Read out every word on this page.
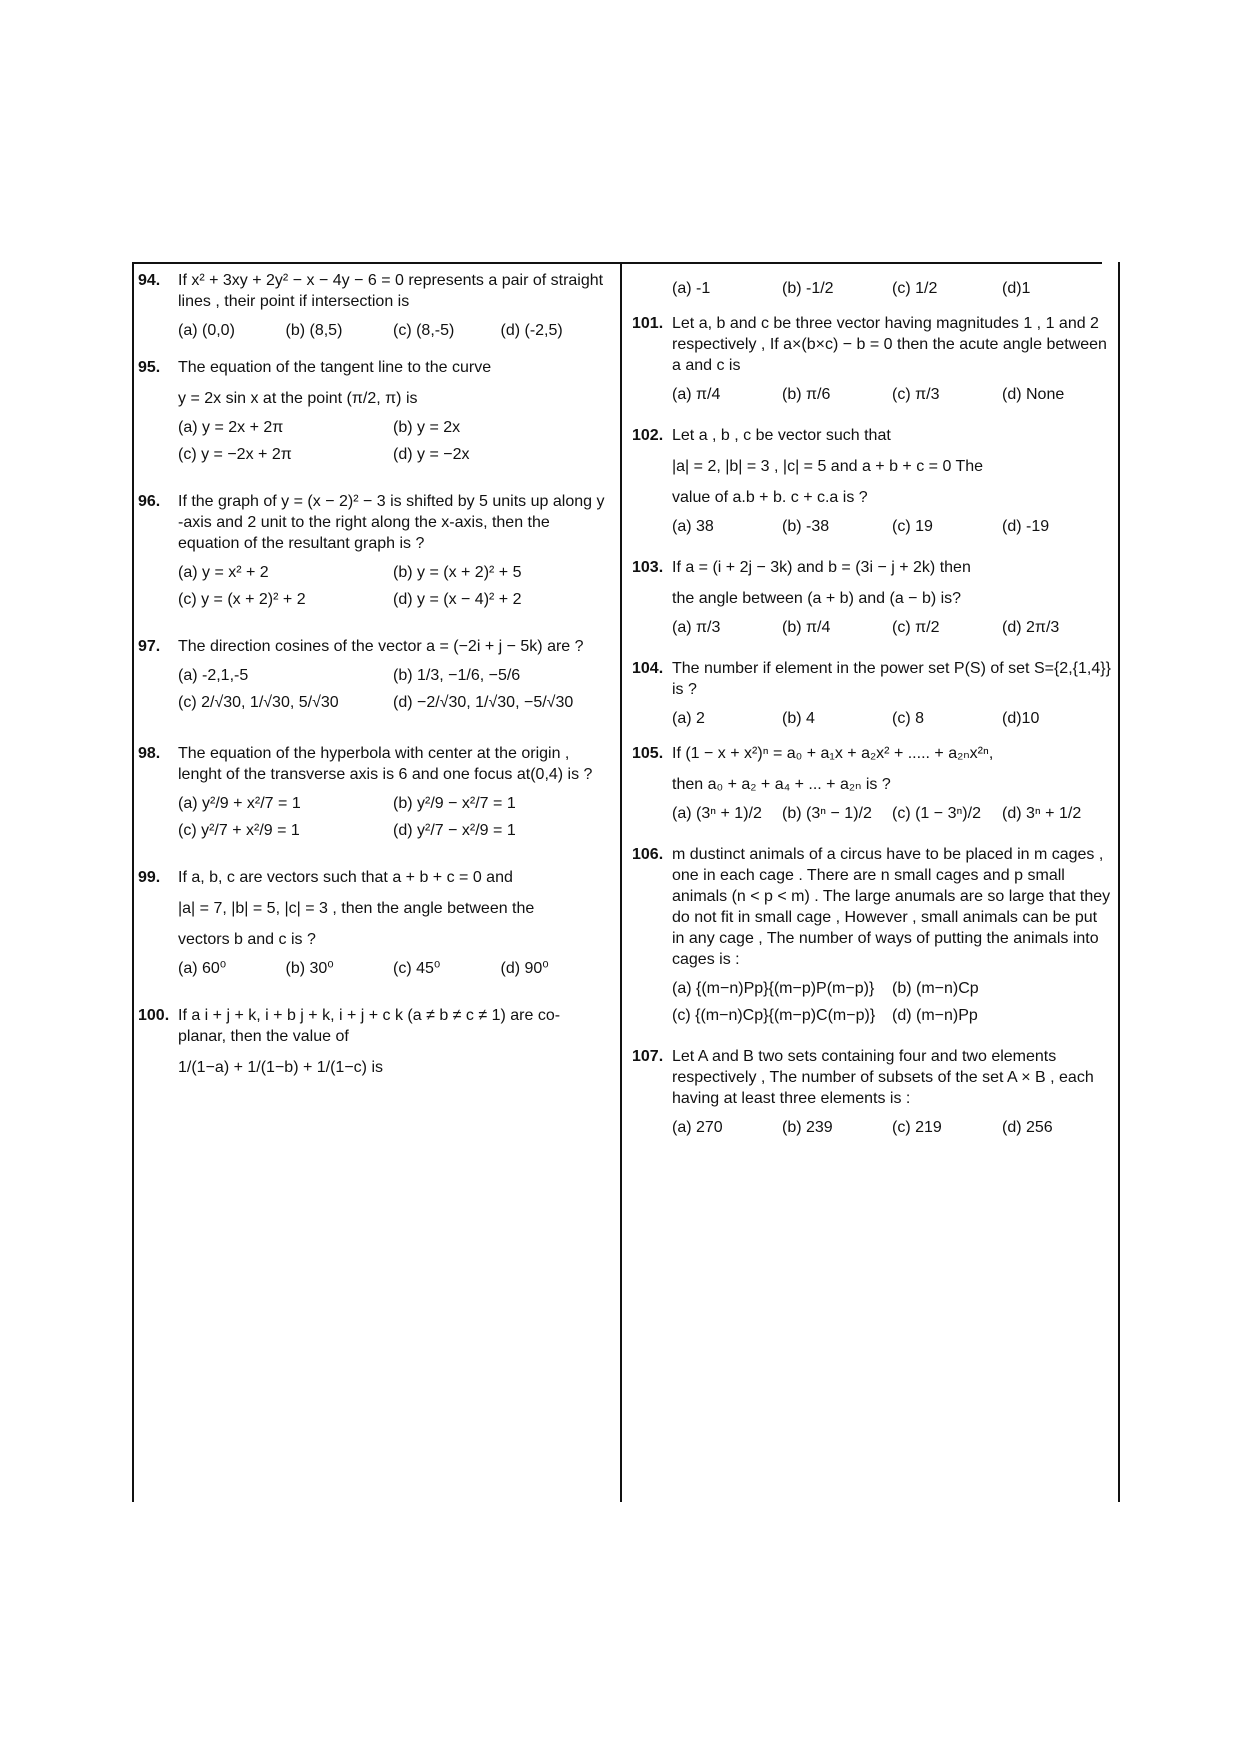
94. If x² + 3xy + 2y² − x − 4y − 6 = 0 represents a pair of straight lines , their point if intersection is
(a) (0,0)	(b) (8,5)	(c) (8,-5)	(d) (-2,5)
95. The equation of the tangent line to the curve
y = 2x sin x at the point (π/2, π) is
(a) y = 2x + 2π	(b) y = 2x
(c) y = −2x + 2π	(d) y = −2x
96. If the graph of y = (x − 2)² − 3 is shifted by 5 units up along y -axis and 2 unit to the right along the x-axis, then the equation of the resultant graph is ?
(a) y = x² + 2	(b) y = (x + 2)² + 5
(c) y = (x + 2)² + 2	(d) y = (x − 4)² + 2
97. The direction cosines of the vector a = (−2i + j − 5k) are ?
(a) -2,1,-5	(b) 1/3, −1/6, −5/6
(c) 2/√30, 1/√30, 5/√30	(d) −2/√30, 1/√30, −5/√30
98. The equation of the hyperbola with center at the origin , lenght of the transverse axis is 6 and one focus at(0,4) is ?
(a) y²/9 + x²/7 = 1	(b) y²/9 − x²/7 = 1
(c) y²/7 + x²/9 = 1	(d) y²/7 − x²/9 = 1
99. If a, b, c are vectors such that a + b + c = 0 and
|a| = 7, |b| = 5, |c| = 3 , then the angle between the
vectors b and c is ?
(a) 60⁰	(b) 30⁰	(c) 45⁰	(d) 90⁰
100. If a i + j + k, i + b j + k, i + j + c k (a ≠ b ≠ c ≠ 1) are co- planar, then the value of
1/(1−a) + 1/(1−b) + 1/(1−c) is
(a) -1	(b) -1/2	(c) 1/2	(d)1
101. Let a, b and c be three vector having magnitudes 1 , 1 and 2 respectively , If a×(b×c) − b = 0 then the acute angle between a and c is
(a) π/4	(b) π/6	(c) π/3	(d) None
102. Let a , b , c be vector such that
|a| = 2, |b| = 3 , |c| = 5 and a + b + c = 0 The
value of a.b + b. c + c.a is ?
(a) 38	(b) -38	(c) 19	(d) -19
103. If a = (i + 2j − 3k) and b = (3i − j + 2k) then
the angle between (a + b) and (a − b) is?
(a) π/3	(b) π/4	(c) π/2	(d) 2π/3
104. The number if element in the power set P(S) of set S={2,{1,4}} is ?
(a) 2	(b) 4	(c) 8	(d)10
105. If (1 − x + x²)ⁿ = a₀ + a₁x + a₂x² + ..... + a₂ₙx²ⁿ,
then a₀ + a₂ + a₄ + ... + a₂ₙ is ?
(a) (3ⁿ + 1)/2	(b) (3ⁿ − 1)/2	(c) (1 − 3ⁿ)/2	(d) 3ⁿ + 1/2
106. m dustinct animals of a circus have to be placed in m cages , one in each cage . There are n small cages and p small animals (n < p < m) . The large anumals are so large that they do not fit in small cage , However , small animals can be put in any cage , The number of ways of putting the animals into cages is :
(a) {(m−n)Pp}{(m−p)P(m−p)}	(b) (m−n)Cp
(c) {(m−n)Cp}{(m−p)C(m−p)}	(d) (m−n)Pp
107. Let A and B two sets containing four and two elements respectively , The number of subsets of the set A × B , each having at least three elements is :
(a) 270	(b) 239	(c) 219	(d) 256
